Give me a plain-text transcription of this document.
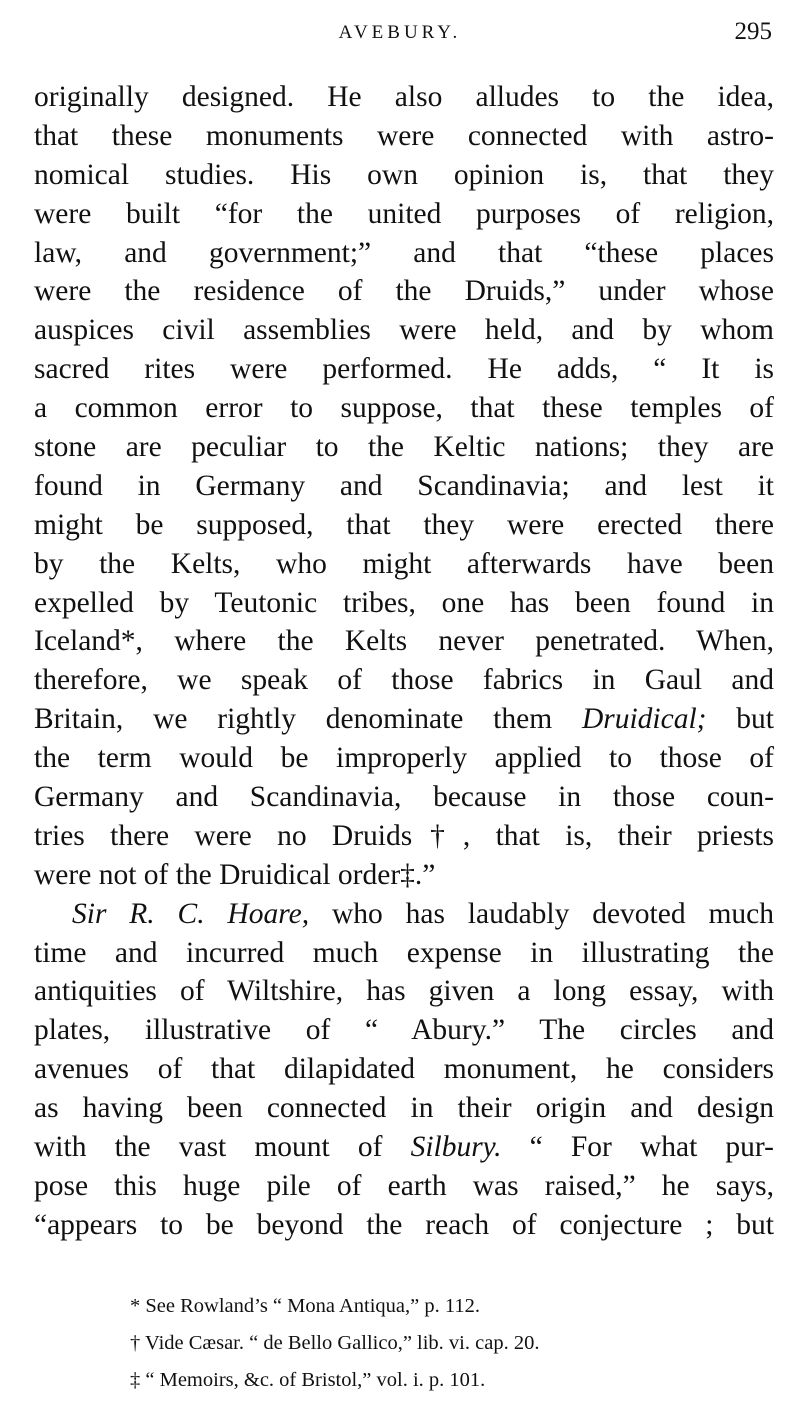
AVEBURY.	295
originally designed. He also alludes to the idea,
that these monuments were connected with astro-
nomical studies. His own opinion is, that they
were built “for the united purposes of religion,
law, and government;” and that “these places
were the residence of the Druids,” under whose
auspices civil assemblies were held, and by whom
sacred rites were performed. He adds, “ It is
a common error to suppose, that these temples of
stone are peculiar to the Keltic nations; they are
found in Germany and Scandinavia; and lest it
might be supposed, that they were erected there
by the Kelts, who might afterwards have been
expelled by Teutonic tribes, one has been found in
Iceland*, where the Kelts never penetrated. When,
therefore, we speak of those fabrics in Gaul and
Britain, we rightly denominate them Druidical; but
the term would be improperly applied to those of
Germany and Scandinavia, because in those coun-
tries there were no Druids†, that is, their priests
were not of the Druidical order‡.”
Sir R. C. Hoare, who has laudably devoted much
time and incurred much expense in illustrating the
antiquities of Wiltshire, has given a long essay, with
plates, illustrative of “ Abury.” The circles and
avenues of that dilapidated monument, he considers
as having been connected in their origin and design
with the vast mount of Silbury. “ For what pur-
pose this huge pile of earth was raised,” he says,
“appears to be beyond the reach of conjecture ; but
* See Rowland’s “ Mona Antiqua,” p. 112.
† Vide Cæsar. “ de Bello Gallico,” lib. vi. cap. 20.
‡ “ Memoirs, &c. of Bristol,” vol. i. p. 101.
